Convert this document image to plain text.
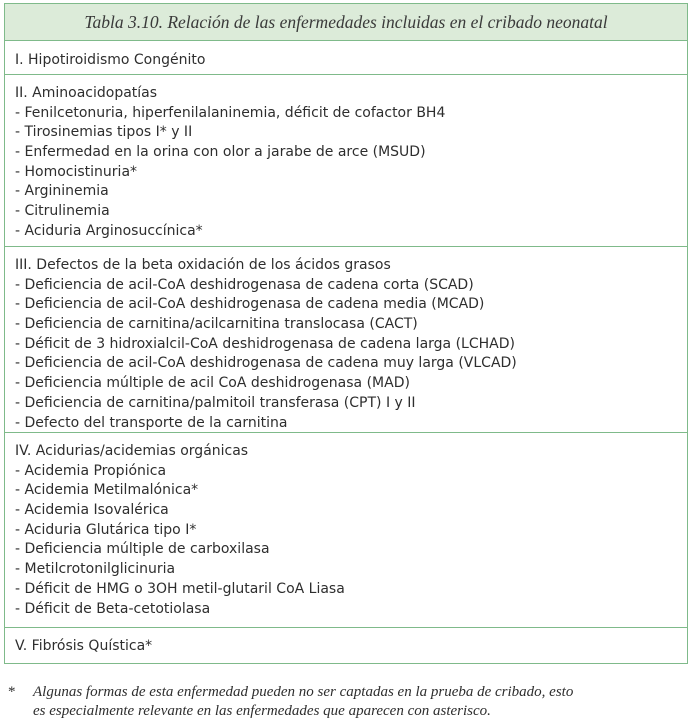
Tabla 3.10. Relación de las enfermedades incluidas en el cribado neonatal
I. Hipotiroidismo Congénito
II. Aminoacidopatías
- Fenilcetonuria, hiperfenilalaninemia, déficit de cofactor BH4
- Tirosinemias tipos I* y II
- Enfermedad en la orina con olor a jarabe de arce (MSUD)
- Homocistinuria*
- Argininemia
- Citrulinemia
- Aciduria Arginosuccínica*
III. Defectos de la beta oxidación de los ácidos grasos
- Deficiencia de acil-CoA deshidrogenasa de cadena corta (SCAD)
- Deficiencia de acil-CoA deshidrogenasa de cadena media (MCAD)
- Deficiencia de carnitina/acilcarnitina translocasa (CACT)
- Déficit de 3 hidroxialcil-CoA deshidrogenasa de cadena larga (LCHAD)
- Deficiencia de acil-CoA deshidrogenasa de cadena muy larga (VLCAD)
- Deficiencia múltiple de acil CoA deshidrogenasa (MAD)
- Deficiencia de carnitina/palmitoil transferasa (CPT) I y II
- Defecto del transporte de la carnitina
IV. Acidurias/acidemias orgánicas
- Acidemia Propiónica
- Acidemia Metilmalónica*
- Acidemia Isovalérica
- Aciduria Glutárica tipo I*
- Deficiencia múltiple de carboxilasa
- Metilcrotonilglicinuria
- Déficit de HMG o 3OH metil-glutaril CoA Liasa
- Déficit de Beta-cetotiolasa
V. Fibrósis Quística*
* Algunas formas de esta enfermedad pueden no ser captadas en la prueba de cribado, esto
es especialmente relevante en las enfermedades que aparecen con asterisco.
